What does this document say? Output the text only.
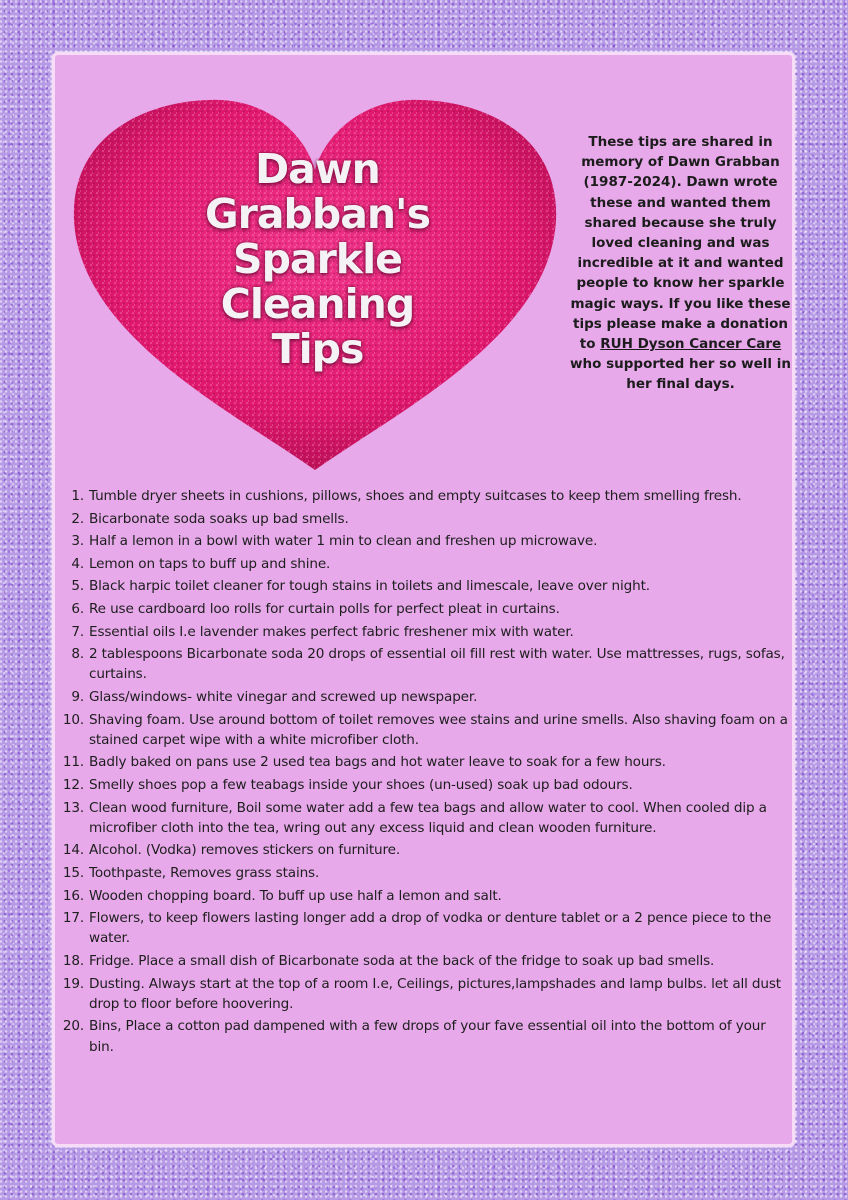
Dawn
Grabban's
Sparkle
Cleaning
Tips

These tips are shared in memory of Dawn Grabban (1987-2024). Dawn wrote these and wanted them shared because she truly loved cleaning and was incredible at it and wanted people to know her sparkle magic ways. If you like these tips please make a donation to RUH Dyson Cancer Care who supported her so well in her final days.

1. Tumble dryer sheets in cushions, pillows, shoes and empty suitcases to keep them smelling fresh.
2. Bicarbonate soda soaks up bad smells.
3. Half a lemon in a bowl with water 1 min to clean and freshen up microwave.
4. Lemon on taps to buff up and shine.
5. Black harpic toilet cleaner for tough stains in toilets and limescale, leave over night.
6. Re use cardboard loo rolls for curtain polls for perfect pleat in curtains.
7. Essential oils I.e lavender makes perfect fabric freshener mix with water.
8. 2 tablespoons Bicarbonate soda 20 drops of essential oil fill rest with water. Use mattresses, rugs, sofas, curtains.
9. Glass/windows- white vinegar and screwed up newspaper.
10. Shaving foam. Use around bottom of toilet removes wee stains and urine smells. Also shaving foam on a stained carpet wipe with a white microfiber cloth.
11. Badly baked on pans use 2 used tea bags and hot water leave to soak for a few hours.
12. Smelly shoes pop a few teabags inside your shoes (un-used) soak up bad odours.
13. Clean wood furniture, Boil some water add a few tea bags and allow water to cool. When cooled dip a microfiber cloth into the tea, wring out any excess liquid and clean wooden furniture.
14. Alcohol. (Vodka) removes stickers on furniture.
15. Toothpaste, Removes grass stains.
16. Wooden chopping board. To buff up use half a lemon and salt.
17. Flowers, to keep flowers lasting longer add a drop of vodka or denture tablet or a 2 pence piece to the water.
18. Fridge. Place a small dish of Bicarbonate soda at the back of the fridge to soak up bad smells.
19. Dusting. Always start at the top of a room I.e, Ceilings, pictures,lampshades and lamp bulbs. let all dust drop to floor before hoovering.
20. Bins, Place a cotton pad dampened with a few drops of your fave essential oil into the bottom of your bin.
